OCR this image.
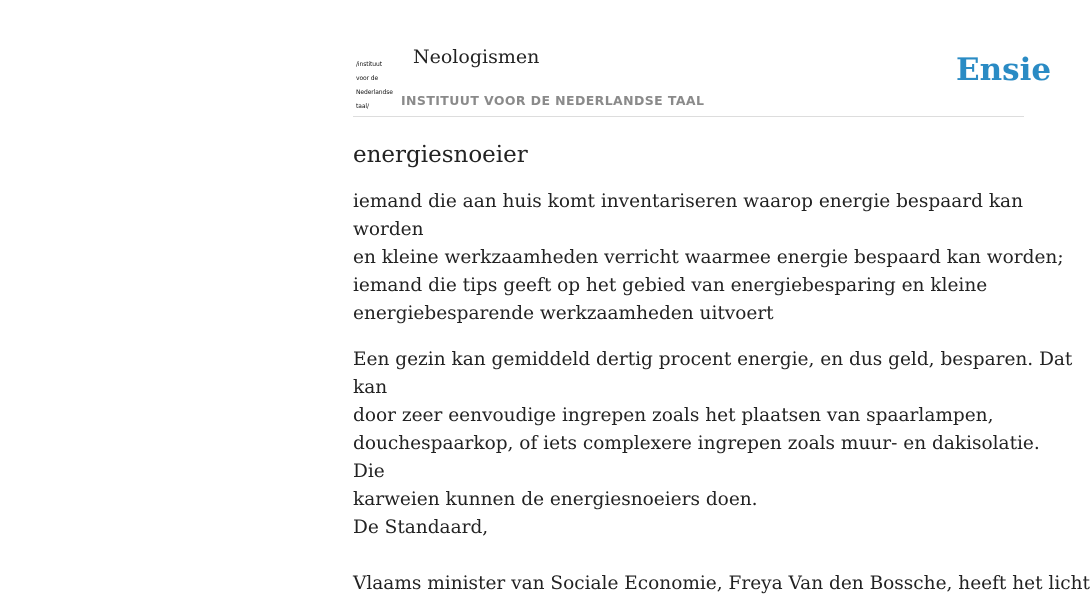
/instituut

voor de

Nederlandse

taal/

Neologismen
INSTITUUT VOOR DE NEDERLANDSE TAAL
Ensie
energiesnoeier

iemand die aan huis komt inventariseren waarop energie bespaard kan worden
en kleine werkzaamheden verricht waarmee energie bespaard kan worden;
iemand die tips geeft op het gebied van energiebesparing en kleine
energiebesparende werkzaamheden uitvoert

Een gezin kan gemiddeld dertig procent energie, en dus geld, besparen. Dat kan
door zeer eenvoudige ingrepen zoals het plaatsen van spaarlampen,
douchespaarkop, of iets complexere ingrepen zoals muur- en dakisolatie. Die
karweien kunnen de energiesnoeiers doen.

De Standaard,

Vlaams minister van Sociale Economie, Freya Van den Bossche, heeft het licht
